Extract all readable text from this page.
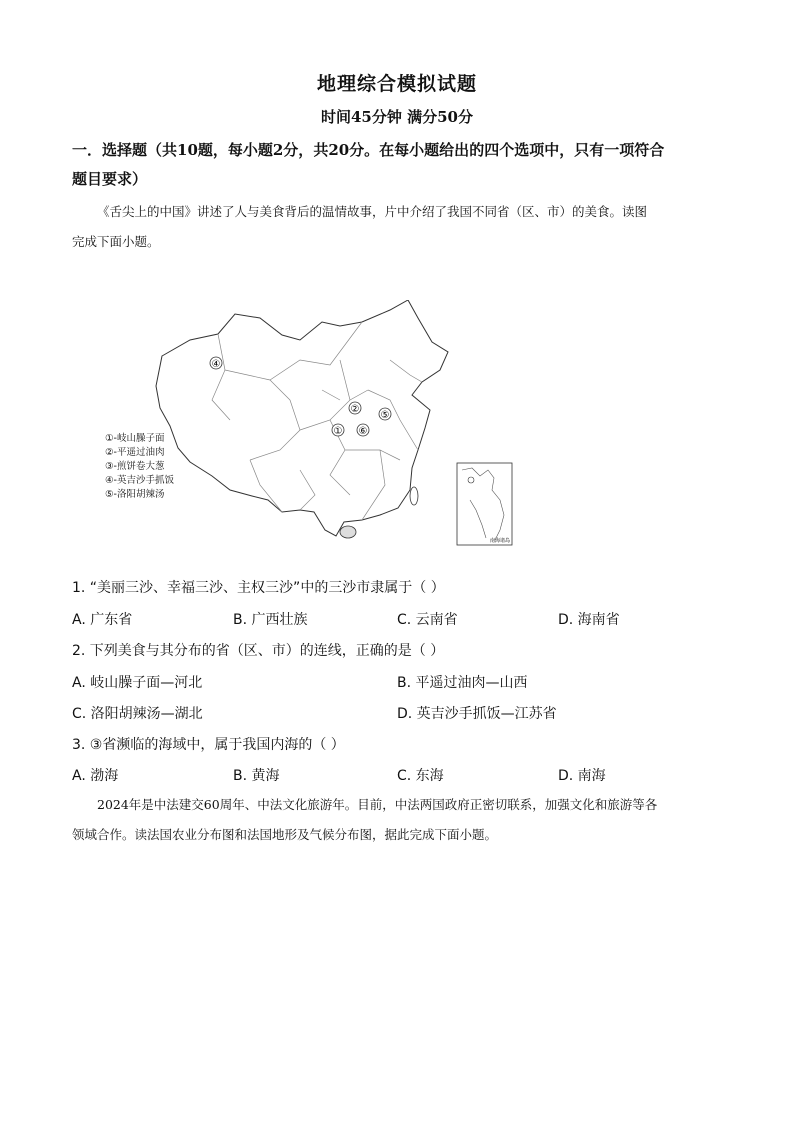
地理综合模拟试题
时间45分钟 满分50分
一．选择题（共10题，每小题2分，共20分。在每小题给出的四个选项中，只有一项符合
题目要求）
《舌尖上的中国》讲述了人与美食背后的温情故事，片中介绍了我国不同省（区、市）的美食。读图
完成下面小题。
④
②
⑤
① ⑥
南海诸岛
①-岐山臊子面
②-平遥过油肉
③-煎饼卷大葱
④-英吉沙手抓饭
⑤-洛阳胡辣汤
1. “美丽三沙、幸福三沙、主权三沙”中的三沙市隶属于（ ）
A. 广东省	B. 广西壮族	C. 云南省	D. 海南省
2. 下列美食与其分布的省（区、市）的连线，正确的是（ ）
A. 岐山臊子面—河北	B. 平遥过油肉—山西
C. 洛阳胡辣汤—湖北	D. 英吉沙手抓饭—江苏省
3. ③省濒临的海域中，属于我国内海的（ ）
A. 渤海	B. 黄海	C. 东海	D. 南海
2024年是中法建交60周年、中法文化旅游年。目前，中法两国政府正密切联系，加强文化和旅游等各
领域合作。读法国农业分布图和法国地形及气候分布图，据此完成下面小题。
